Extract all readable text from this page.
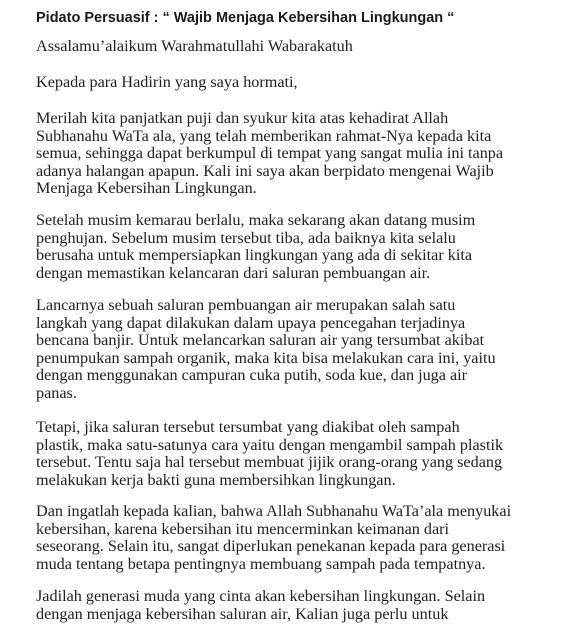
Pidato Persuasif : “ Wajib Menjaga Kebersihan Lingkungan “
Assalamu’alaikum Warahmatullahi Wabarakatuh
Kepada para Hadirin yang saya hormati,
Merilah kita panjatkan puji dan syukur kita atas kehadirat Allah
Subhanahu WaTa ala, yang telah memberikan rahmat-Nya kepada kita
semua, sehingga dapat berkumpul di tempat yang sangat mulia ini tanpa
adanya halangan apapun. Kali ini saya akan berpidato mengenai Wajib
Menjaga Kebersihan Lingkungan.
Setelah musim kemarau berlalu, maka sekarang akan datang musim
penghujan. Sebelum musim tersebut tiba, ada baiknya kita selalu
berusaha untuk mempersiapkan lingkungan yang ada di sekitar kita
dengan memastikan kelancaran dari saluran pembuangan air.
Lancarnya sebuah saluran pembuangan air merupakan salah satu
langkah yang dapat dilakukan dalam upaya pencegahan terjadinya
bencana banjir. Untuk melancarkan saluran air yang tersumbat akibat
penumpukan sampah organik, maka kita bisa melakukan cara ini, yaitu
dengan menggunakan campuran cuka putih, soda kue, dan juga air
panas.
Tetapi, jika saluran tersebut tersumbat yang diakibat oleh sampah
plastik, maka satu-satunya cara yaitu dengan mengambil sampah plastik
tersebut. Tentu saja hal tersebut membuat jijik orang-orang yang sedang
melakukan kerja bakti guna membersihkan lingkungan.
Dan ingatlah kepada kalian, bahwa Allah Subhanahu WaTa’ala menyukai
kebersihan, karena kebersihan itu mencerminkan keimanan dari
seseorang. Selain itu, sangat diperlukan penekanan kepada para generasi
muda tentang betapa pentingnya membuang sampah pada tempatnya.
Jadilah generasi muda yang cinta akan kebersihan lingkungan. Selain
dengan menjaga kebersihan saluran air, Kalian juga perlu untuk
